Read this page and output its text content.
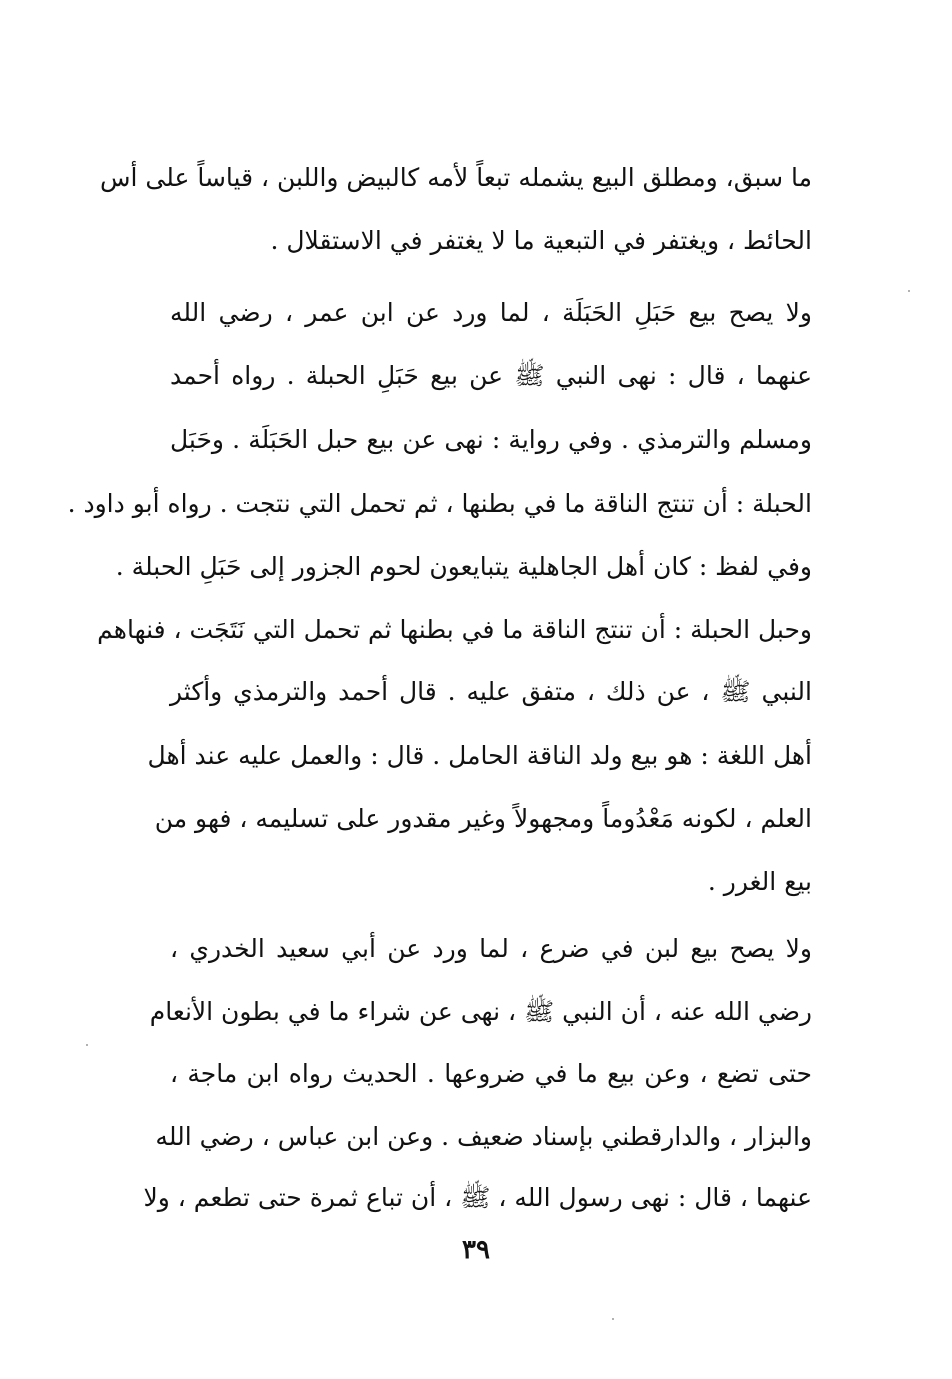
ما سبق، ومطلق البيع يشمله تبعاً لأمه كالبيض واللبن ، قياساً على أس
الحائط ، ويغتفر في التبعية ما لا يغتفر في الاستقلال .
ولا يصح بيع حَبَلِ الحَبَلَة ، لما ورد عن ابن عمر ، رضي الله
عنهما ، قال : نهى النبي ﷺ عن بيع حَبَلِ الحبلة . رواه أحمد
ومسلم والترمذي . وفي رواية : نهى عن بيع حبل الحَبَلَة . وحَبَل
الحبلة : أن تنتج الناقة ما في بطنها ، ثم تحمل التي نتجت . رواه أبو داود .
وفي لفظ : كان أهل الجاهلية يتبايعون لحوم الجزور إلى حَبَلِ الحبلة .
وحبل الحبلة : أن تنتج الناقة ما في بطنها ثم تحمل التي نَتَجَت ، فنهاهم
النبي ﷺ ، عن ذلك ، متفق عليه . قال أحمد والترمذي وأكثر
أهل اللغة : هو بيع ولد الناقة الحامل . قال : والعمل عليه عند أهل
العلم ، لكونه مَعْدُوماً ومجهولاً وغير مقدور على تسليمه ، فهو من
بيع الغرر .
ولا يصح بيع لبن في ضرع ، لما ورد عن أبي سعيد الخدري ،
رضي الله عنه ، أن النبي ﷺ ، نهى عن شراء ما في بطون الأنعام
حتى تضع ، وعن بيع ما في ضروعها . الحديث رواه ابن ماجة ،
والبزار ، والدارقطني بإسناد ضعيف . وعن ابن عباس ، رضي الله
عنهما ، قال : نهى رسول الله ، ﷺ ، أن تباع ثمرة حتى تطعم ، ولا
٣٩
